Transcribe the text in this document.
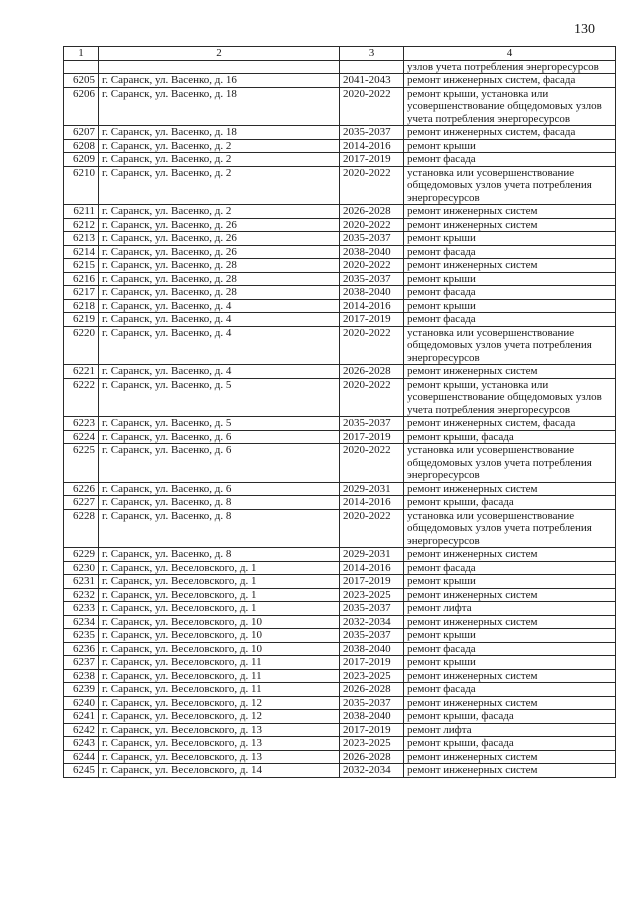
130
1	2	3	4
			узлов учета потребления энергоресурсов
6205	г. Саранск, ул. Васенко, д. 16	2041-2043	ремонт инженерных систем, фасада
6206	г. Саранск, ул. Васенко, д. 18	2020-2022	ремонт крыши, установка или усовершенствование общедомовых узлов учета потребления энергоресурсов
6207	г. Саранск, ул. Васенко, д. 18	2035-2037	ремонт инженерных систем, фасада
6208	г. Саранск, ул. Васенко, д. 2	2014-2016	ремонт крыши
6209	г. Саранск, ул. Васенко, д. 2	2017-2019	ремонт фасада
6210	г. Саранск, ул. Васенко, д. 2	2020-2022	установка или усовершенствование общедомовых узлов учета потребления энергоресурсов
6211	г. Саранск, ул. Васенко, д. 2	2026-2028	ремонт инженерных систем
6212	г. Саранск, ул. Васенко, д. 26	2020-2022	ремонт инженерных систем
6213	г. Саранск, ул. Васенко, д. 26	2035-2037	ремонт крыши
6214	г. Саранск, ул. Васенко, д. 26	2038-2040	ремонт фасада
6215	г. Саранск, ул. Васенко, д. 28	2020-2022	ремонт инженерных систем
6216	г. Саранск, ул. Васенко, д. 28	2035-2037	ремонт крыши
6217	г. Саранск, ул. Васенко, д. 28	2038-2040	ремонт фасада
6218	г. Саранск, ул. Васенко, д. 4	2014-2016	ремонт крыши
6219	г. Саранск, ул. Васенко, д. 4	2017-2019	ремонт фасада
6220	г. Саранск, ул. Васенко, д. 4	2020-2022	установка или усовершенствование общедомовых узлов учета потребления энергоресурсов
6221	г. Саранск, ул. Васенко, д. 4	2026-2028	ремонт инженерных систем
6222	г. Саранск, ул. Васенко, д. 5	2020-2022	ремонт крыши, установка или усовершенствование общедомовых узлов учета потребления энергоресурсов
6223	г. Саранск, ул. Васенко, д. 5	2035-2037	ремонт инженерных систем, фасада
6224	г. Саранск, ул. Васенко, д. 6	2017-2019	ремонт крыши, фасада
6225	г. Саранск, ул. Васенко, д. 6	2020-2022	установка или усовершенствование общедомовых узлов учета потребления энергоресурсов
6226	г. Саранск, ул. Васенко, д. 6	2029-2031	ремонт инженерных систем
6227	г. Саранск, ул. Васенко, д. 8	2014-2016	ремонт крыши, фасада
6228	г. Саранск, ул. Васенко, д. 8	2020-2022	установка или усовершенствование общедомовых узлов учета потребления энергоресурсов
6229	г. Саранск, ул. Васенко, д. 8	2029-2031	ремонт инженерных систем
6230	г. Саранск, ул. Веселовского, д. 1	2014-2016	ремонт фасада
6231	г. Саранск, ул. Веселовского, д. 1	2017-2019	ремонт крыши
6232	г. Саранск, ул. Веселовского, д. 1	2023-2025	ремонт инженерных систем
6233	г. Саранск, ул. Веселовского, д. 1	2035-2037	ремонт лифта
6234	г. Саранск, ул. Веселовского, д. 10	2032-2034	ремонт инженерных систем
6235	г. Саранск, ул. Веселовского, д. 10	2035-2037	ремонт крыши
6236	г. Саранск, ул. Веселовского, д. 10	2038-2040	ремонт фасада
6237	г. Саранск, ул. Веселовского, д. 11	2017-2019	ремонт крыши
6238	г. Саранск, ул. Веселовского, д. 11	2023-2025	ремонт инженерных систем
6239	г. Саранск, ул. Веселовского, д. 11	2026-2028	ремонт фасада
6240	г. Саранск, ул. Веселовского, д. 12	2035-2037	ремонт инженерных систем
6241	г. Саранск, ул. Веселовского, д. 12	2038-2040	ремонт крыши, фасада
6242	г. Саранск, ул. Веселовского, д. 13	2017-2019	ремонт лифта
6243	г. Саранск, ул. Веселовского, д. 13	2023-2025	ремонт крыши, фасада
6244	г. Саранск, ул. Веселовского, д. 13	2026-2028	ремонт инженерных систем
6245	г. Саранск, ул. Веселовского, д. 14	2032-2034	ремонт инженерных систем
